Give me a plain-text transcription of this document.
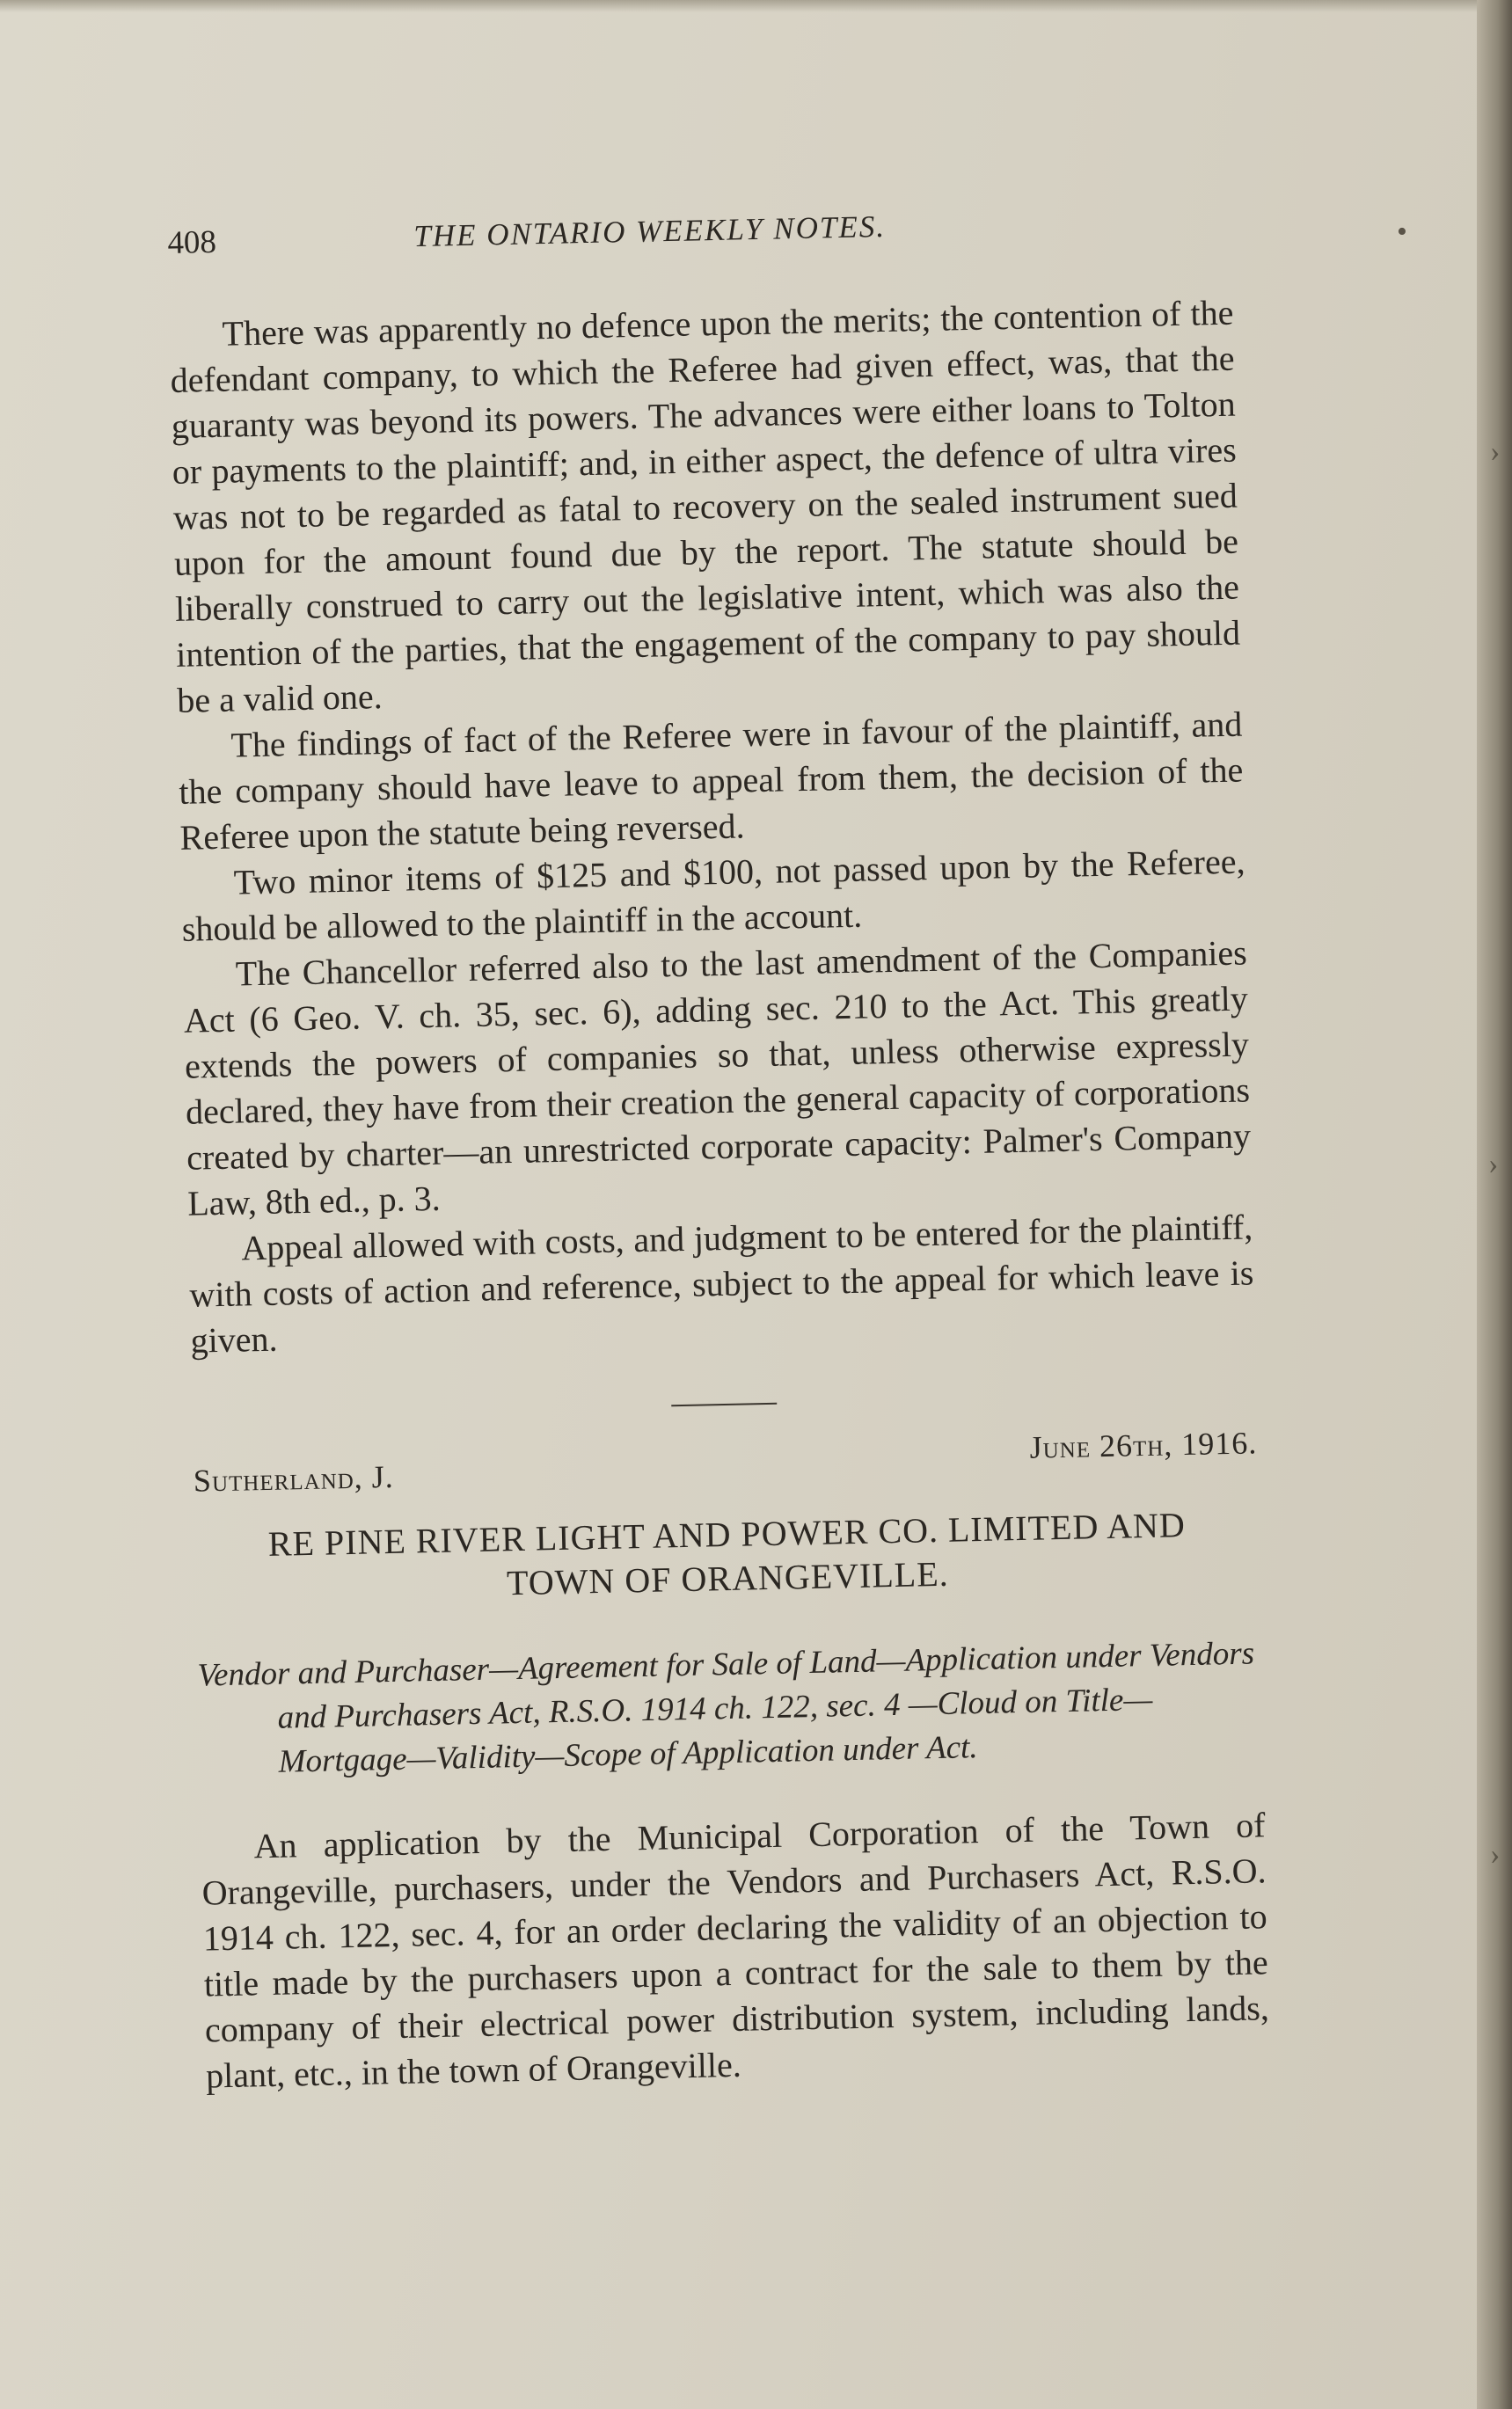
•
›
›
›
408	THE ONTARIO WEEKLY NOTES.

There was apparently no defence upon the merits; the contention of the defendant company, to which the Referee had given effect, was, that the guaranty was beyond its powers. The advances were either loans to Tolton or payments to the plaintiff; and, in either aspect, the defence of ultra vires was not to be regarded as fatal to recovery on the sealed instrument sued upon for the amount found due by the report. The statute should be liberally construed to carry out the legislative intent, which was also the intention of the parties, that the engagement of the company to pay should be a valid one.

The findings of fact of the Referee were in favour of the plaintiff, and the company should have leave to appeal from them, the decision of the Referee upon the statute being reversed.

Two minor items of $125 and $100, not passed upon by the Referee, should be allowed to the plaintiff in the account.

The Chancellor referred also to the last amendment of the Companies Act (6 Geo. V. ch. 35, sec. 6), adding sec. 210 to the Act. This greatly extends the powers of companies so that, unless otherwise expressly declared, they have from their creation the general capacity of corporations created by charter—an unrestricted corporate capacity: Palmer's Company Law, 8th ed., p. 3.

Appeal allowed with costs, and judgment to be entered for the plaintiff, with costs of action and reference, subject to the appeal for which leave is given.

Sutherland, J.
June 26th, 1916.
RE PINE RIVER LIGHT AND POWER CO. LIMITED AND
TOWN OF ORANGEVILLE.
Vendor and Purchaser—Agreement for Sale of Land—Application under Vendors and Purchasers Act, R.S.O. 1914 ch. 122, sec. 4 —Cloud on Title—Mortgage—Validity—Scope of Application under Act.
An application by the Municipal Corporation of the Town of Orangeville, purchasers, under the Vendors and Purchasers Act, R.S.O. 1914 ch. 122, sec. 4, for an order declaring the validity of an objection to title made by the purchasers upon a contract for the sale to them by the company of their electrical power distribution system, including lands, plant, etc., in the town of Orangeville.
